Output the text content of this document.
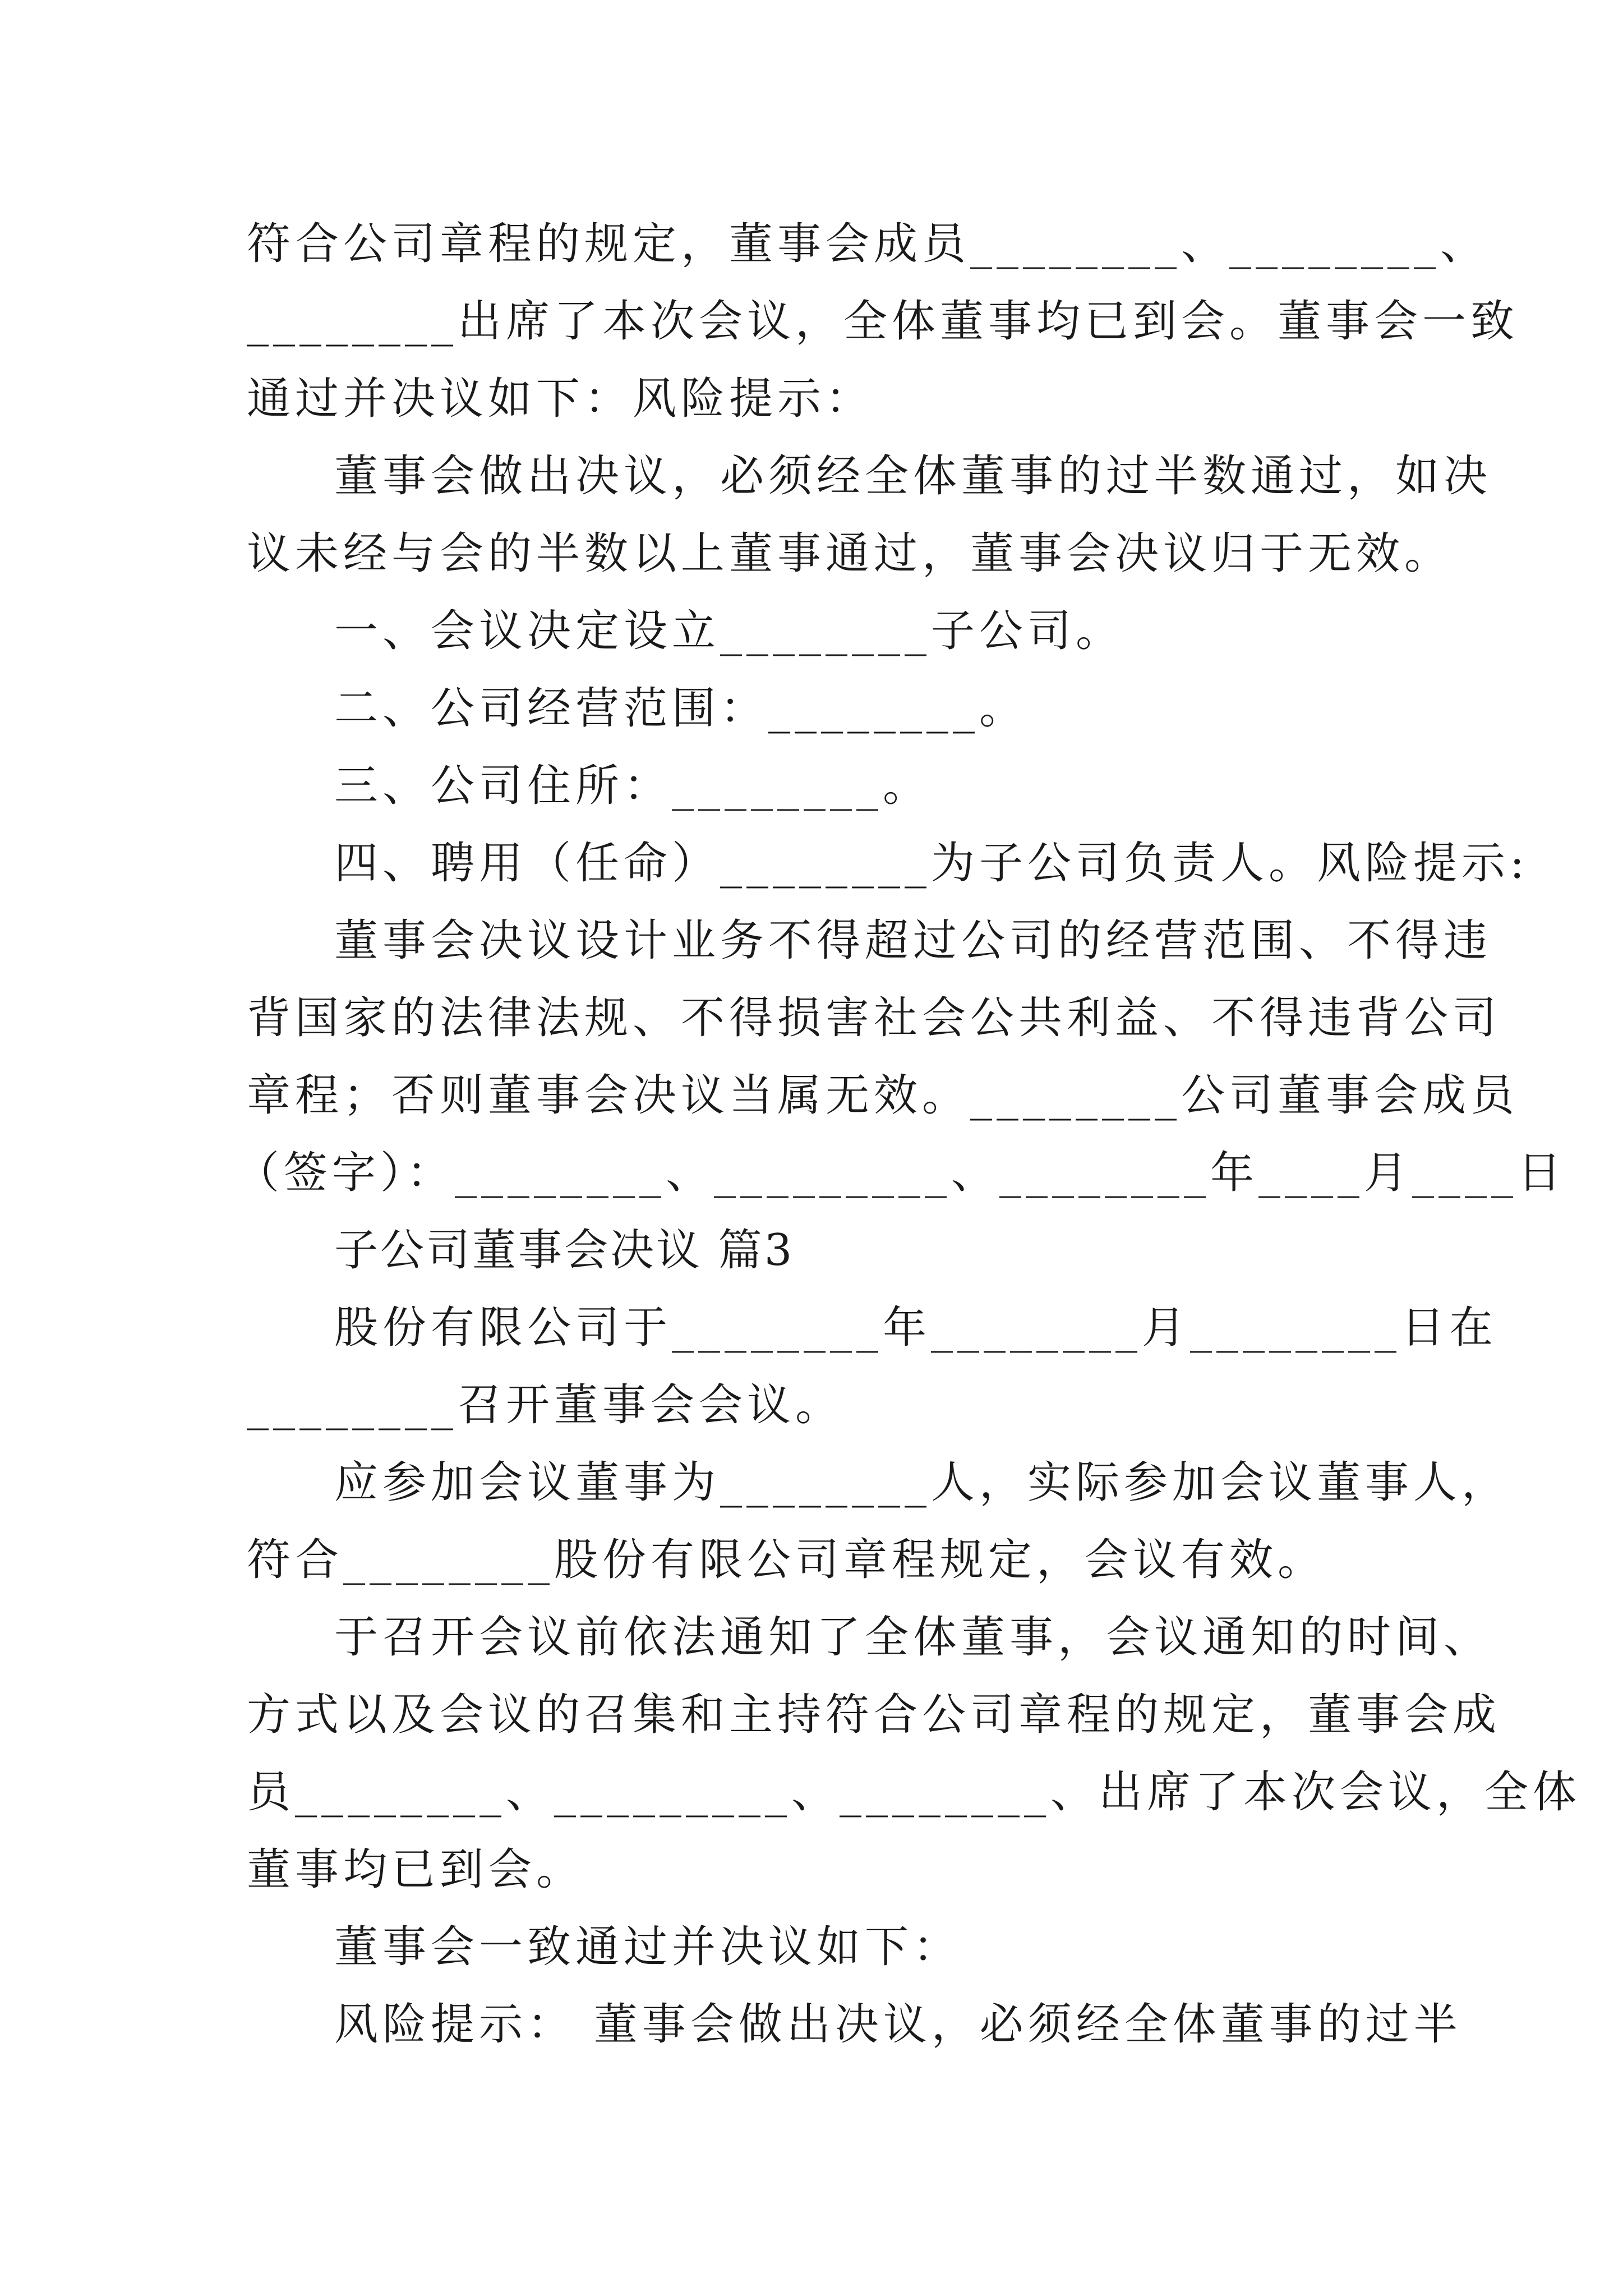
符合公司章程的规定，董事会成员________、________、
________出席了本次会议，全体董事均已到会。董事会一致
通过并决议如下：风险提示：
董事会做出决议，必须经全体董事的过半数通过，如决
议未经与会的半数以上董事通过，董事会决议归于无效。
一、会议决定设立________子公司。
二、公司经营范围：________。
三、公司住所：________。
四、聘用（任命）________为子公司负责人。风险提示:
董事会决议设计业务不得超过公司的经营范围、不得违
背国家的法律法规、不得损害社会公共利益、不得违背公司
章程；否则董事会决议当属无效。________公司董事会成员
（签字）：________、_________、________年____月____日
子公司董事会决议 篇3
股份有限公司于________年________月________日在
________召开董事会会议。
应参加会议董事为________人，实际参加会议董事人，
符合________股份有限公司章程规定，会议有效。
于召开会议前依法通知了全体董事，会议通知的时间、
方式以及会议的召集和主持符合公司章程的规定，董事会成
员________、_________、________、出席了本次会议，全体
董事均已到会。
董事会一致通过并决议如下：
风险提示： 董事会做出决议，必须经全体董事的过半
